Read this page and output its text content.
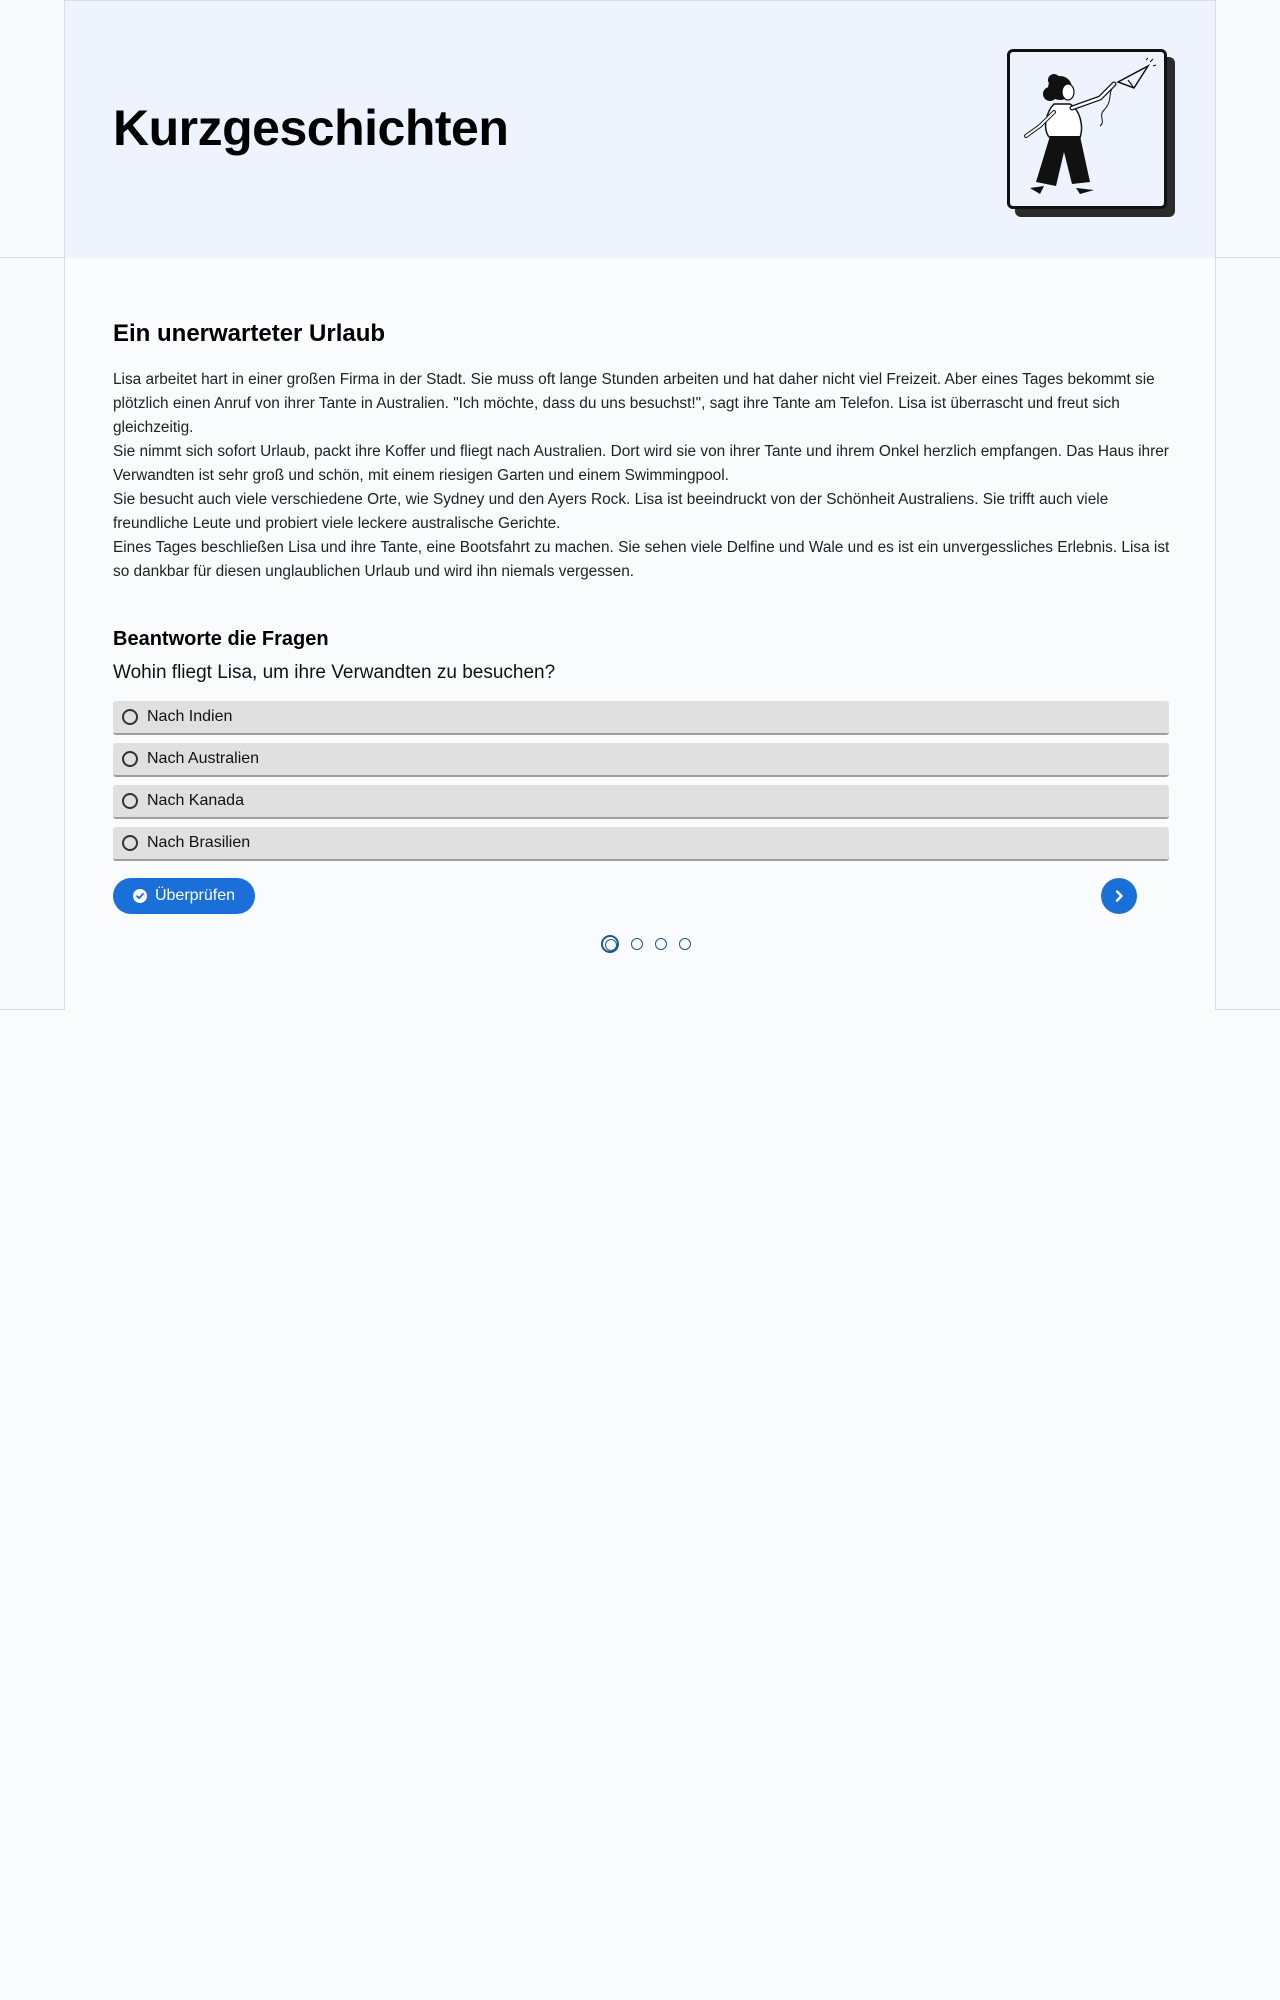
Kurzgeschichten
Ein unerwarteter Urlaub

Lisa arbeitet hart in einer großen Firma in der Stadt. Sie muss oft lange Stunden arbeiten und hat daher nicht viel Freizeit. Aber eines Tages bekommt sie plötzlich einen Anruf von ihrer Tante in Australien. "Ich möchte, dass du uns besuchst!", sagt ihre Tante am Telefon. Lisa ist überrascht und freut sich gleichzeitig.

Sie nimmt sich sofort Urlaub, packt ihre Koffer und fliegt nach Australien. Dort wird sie von ihrer Tante und ihrem Onkel herzlich empfangen. Das Haus ihrer Verwandten ist sehr groß und schön, mit einem riesigen Garten und einem Swimmingpool.

Sie besucht auch viele verschiedene Orte, wie Sydney und den Ayers Rock. Lisa ist beeindruckt von der Schönheit Australiens. Sie trifft auch viele freundliche Leute und probiert viele leckere australische Gerichte.

Eines Tages beschließen Lisa und ihre Tante, eine Bootsfahrt zu machen. Sie sehen viele Delfine und Wale und es ist ein unvergessliches Erlebnis. Lisa ist so dankbar für diesen unglaublichen Urlaub und wird ihn niemals vergessen.

Beantworte die Fragen
Wohin fliegt Lisa, um ihre Verwandten zu besuchen?
Nach Indien
Nach Australien
Nach Kanada
Nach Brasilien
Überprüfen
